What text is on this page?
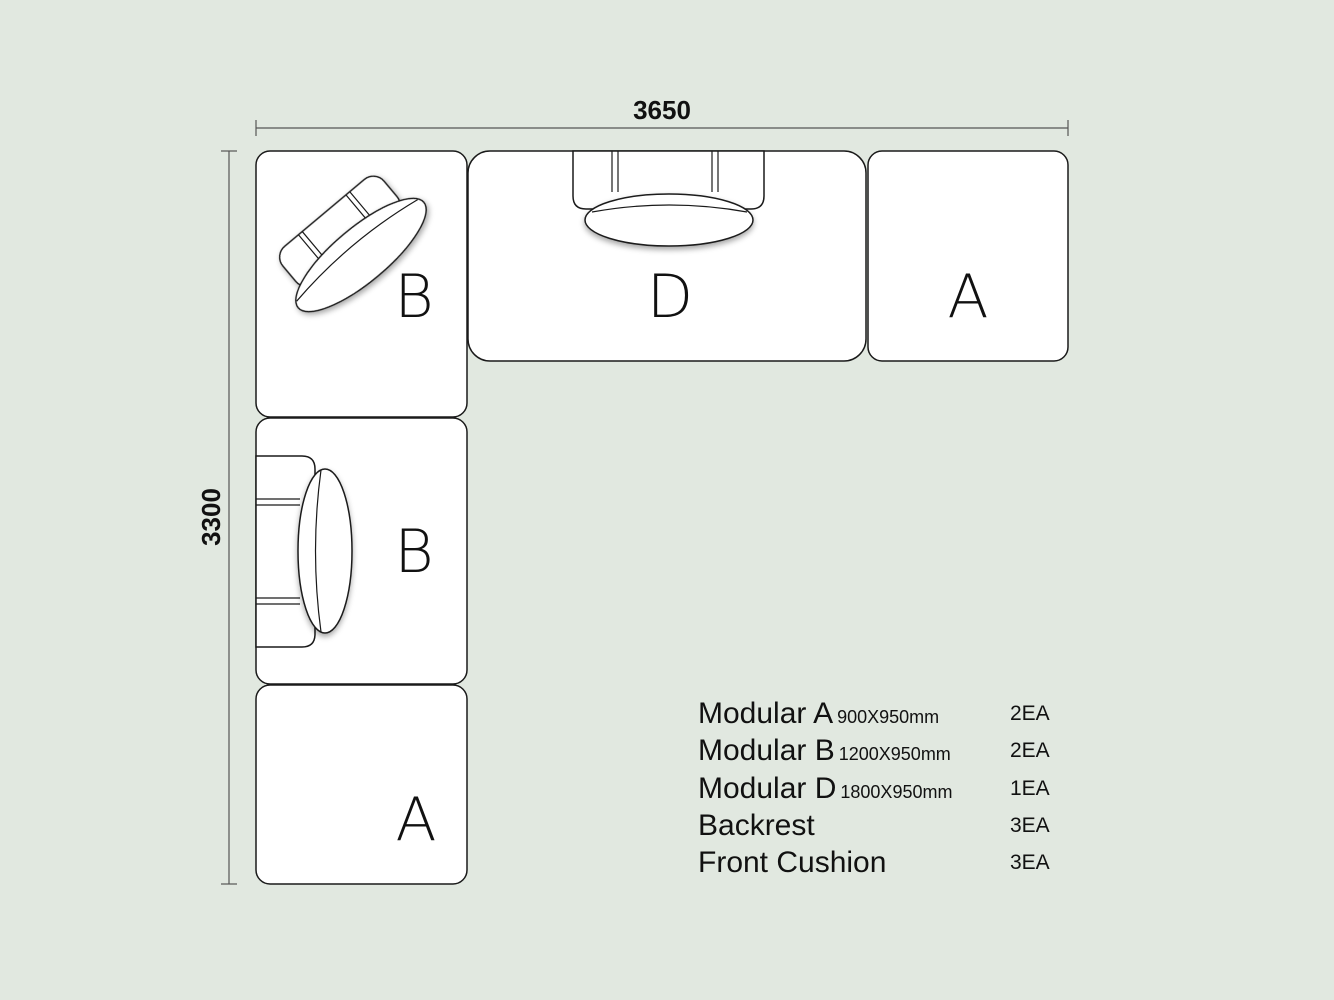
3650
3300
B	D	A
B
A
Modular A 900X950mm	2EA
Modular B 1200X950mm	2EA
Modular D 1800X950mm	1EA
Backrest	3EA
Front Cushion	3EA
